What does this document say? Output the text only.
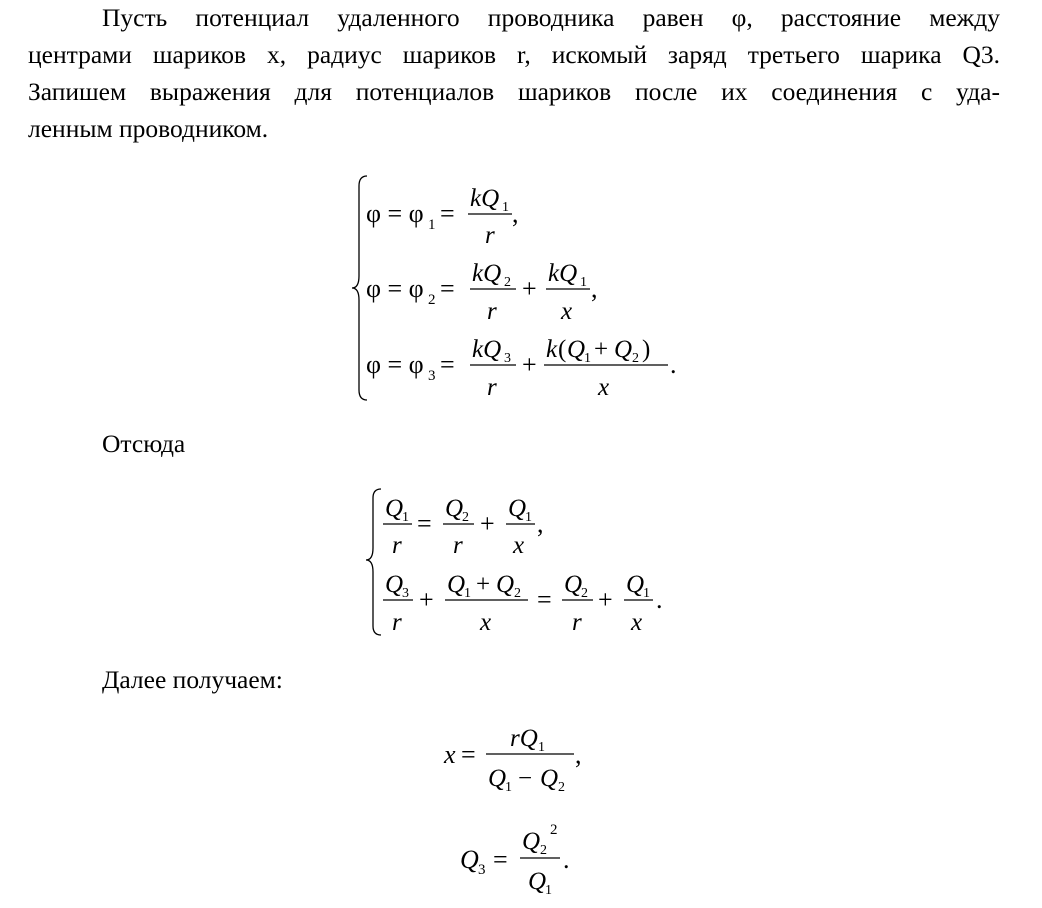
Пусть потенциал удаленного проводника равен φ, расстояние между

центрами шариков x, радиус шариков r, искомый заряд третьего шарика Q3.

Запишем выражения для потенциалов шариков после их соединения с уда-

ленным проводником.

Отсюда

Далее получаем:

φ = φ 1 =
kQ 1
r
,
φ = φ 2 =
kQ 2
r
+
kQ 1
x
,
φ = φ 3 =
kQ 3
r
+
k ( Q
1 + Q 2 )
x
.
Q
1
r
=
Q
2
r
+
Q
1
x
,
Q
3
r
+
Q
1 + Q 2
x
=
Q
2
r
+
Q
1
x
.
x =
rQ 1
Q
1 − Q 2
,
Q 3 =
Q 2
2
Q
1
.
